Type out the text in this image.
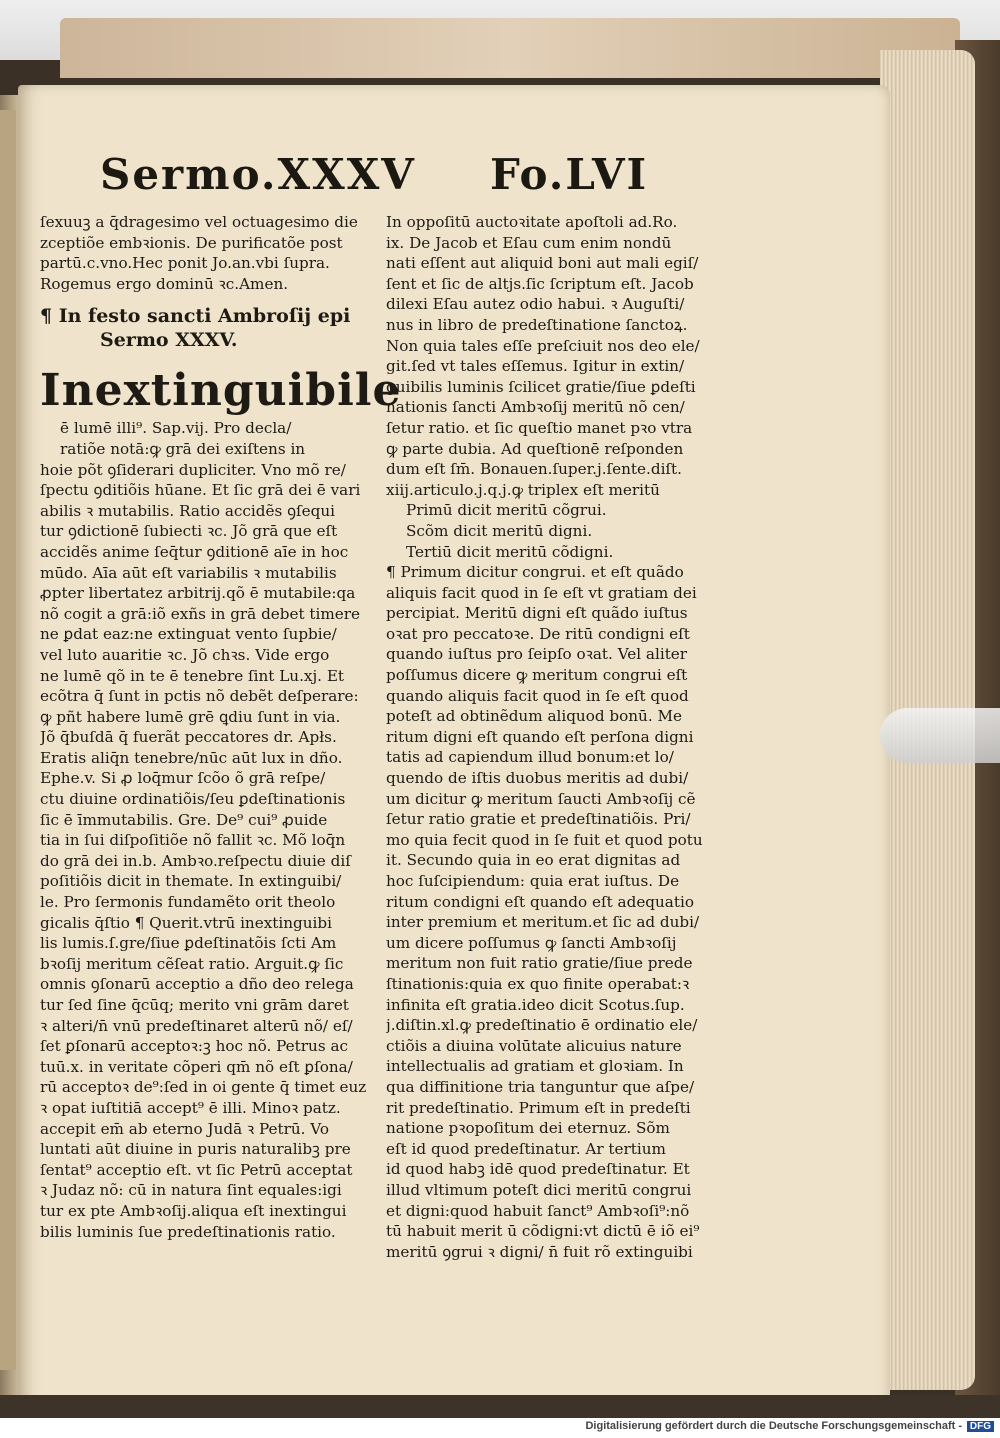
Sermo.XXXV Fo.LVI
ſexuuꝫ a q̄dragesimo vel octuagesimo die
zceptiõe embꝛionis. De purificatõe post
partū.c.vno.Hec ponit Jo.an.vbi ſupra.
Rogemus ergo dominū ꝛc.Amen.
¶ In festo sancti Ambroſij epi
Sermo XXXV.
Inextinguibile
ē lumē illi⁹. Sap.vij. Pro decla/
ratiõe notā:ꝙ grā dei exiſtens in
hoie põt ꝯſiderari dupliciter. Vno mõ re/
ſpectu ꝯditiõis hūane. Et ſic grā dei ē vari
abilis ꝛ mutabilis. Ratio accidẽs ꝯſequi
tur ꝯdictionē ſubiecti ꝛc. Jõ grā que eſt
accidẽs anime ſeq̄tur ꝯditionē aīe in hoc
mūdo. Aīa aūt eſt variabilis ꝛ mutabilis
ꝓpter libertatez arbitrij.qõ ē mutabile:qa
nõ cogit a grā:iõ exñs in grā debet timere
ne ꝑdat eaz:ne extinguat vento ſupbie/
vel luto auaritie ꝛc. Jõ chꝛs. Vide ergo
ne lumē qõ in te ē tenebre ſint Lu.xj. Et
ecõtra q̄ ſunt in pctis nõ debẽt deſperare:
ꝙ pñt habere lumē grē ꝗdiu ſunt in via.
Jõ q̄buſdā q̄ fuerãt peccatores dr. Apłs.
Eratis aliq̄n tenebre/nūc aūt lux in dño.
Ephe.v. Si ꝓ loq̄mur ſcõo õ grā reſpe/
ctu diuine ordinatiõis/ſeu ꝑdeſtinationis
ſic ē īmmutabilis. Gre. De⁹ cui⁹ ꝓuide
tia in ſui diſpoſitiõe nõ fallit ꝛc. Mõ loq̄n
do grā dei in.b. Ambꝛo.reſpectu diuie diſ
poſitiõis dicit in themate. In extinguibi/
le. Pro ſermonis fundamẽto orit theolo
gicalis q̄ſtio ¶ Querit.vtrū inextinguibi
lis lumis.ſ.gre/ſiue ꝑdeſtinatõis ſcti Am
bꝛoſij meritum cẽſeat ratio. Arguit.ꝙ ſic
omnis ꝯſonarū acceptio a dño deo relega
tur ſed ſine q̄cūq; merito vni grām daret
ꝛ alteri/n̄ vnū predeſtinaret alterū nõ/ eſ/
ſet ꝑſonarū acceptoꝛ:ꝫ hoc nõ. Petrus ac
tuū.x. in veritate cõperi qm̄ nõ eſt ꝑſona/
rū acceptoꝛ de⁹:ſed in oi gente q̄ timet euz
ꝛ opat iuſtitiā accept⁹ ē illi. Minoꝛ patz.
accepit em̄ ab eterno Judā ꝛ Petrū. Vo
luntati aūt diuine in puris naturalibꝫ pre
ſentat⁹ acceptio eſt. vt ſic Petrū acceptat
ꝛ Judaz nõ: cū in natura ſint equales:igi
tur ex pte Ambꝛoſij.aliqua eſt inextingui
bilis luminis ſue predeſtinationis ratio.
In oppoſitū auctoꝛitate apoſtoli ad.Ro.
ix. De Jacob et Eſau cum enim nondū
nati eſſent aut aliquid boni aut mali egiſ/
ſent et ſic de altjs.ſic ſcriptum eſt. Jacob
dilexi Eſau autez odio habui. ꝛ Auguſti/
nus in libro de predeſtinatione ſanctoꝝ.
Non quia tales eſſe preſciuit nos deo ele/
git.ſed vt tales eſſemus. Igitur in extin/
guibilis luminis ſcilicet gratie/ſiue ꝑdeſti
nationis ſancti Ambꝛoſij meritū nõ cen/
ſetur ratio. et ſic queſtio manet pꝛo vtra
ꝙ parte dubia. Ad queſtionē reſponden
dum eſt ſm̄. Bonauen.ſuper.j.ſente.diſt.
xiij.articulo.j.q.j.ꝙ triplex eſt meritū
Primū dicit meritū cõgrui.
Scõm dicit meritū digni.
Tertiū dicit meritū cõdigni.
¶ Primum dicitur congrui. et eſt quãdo
aliquis facit quod in ſe eſt vt gratiam dei
percipiat. Meritū digni eſt quãdo iuſtus
oꝛat pro peccatoꝛe. De ritū condigni eſt
quando iuſtus pro ſeipſo oꝛat. Vel aliter
poſſumus dicere ꝙ meritum congrui eſt
quando aliquis facit quod in ſe eſt quod
poteſt ad obtinẽdum aliquod bonū. Me
ritum digni eſt quando eſt perſona digni
tatis ad capiendum illud bonum:et lo/
quendo de iſtis duobus meritis ad dubi/
um dicitur ꝙ meritum ſaucti Ambꝛoſij cẽ
ſetur ratio gratie et predeſtinatiõis. Pri/
mo quia fecit quod in ſe fuit et quod potu
it. Secundo quia in eo erat dignitas ad
hoc ſuſcipiendum: quia erat iuſtus. De
ritum condigni eſt quando eſt adequatio
inter premium et meritum.et ſic ad dubi/
um dicere poſſumus ꝙ ſancti Ambꝛoſij
meritum non fuit ratio gratie/ſiue prede
ſtinationis:quia ex quo finite operabat:ꝛ
infinita eſt gratia.ideo dicit Scotus.ſup.
j.diſtin.xl.ꝙ predeſtinatio ē ordinatio ele/
ctiõis a diuina volūtate alicuius nature
intellectualis ad gratiam et gloꝛiam. In
qua diffinitione tria tanguntur que aſpe/
rit predeſtinatio. Primum eſt in predeſti
natione pꝛopoſitum dei eternuz. Sõm
eſt id quod predeſtinatur. Ar tertium
id quod habꝫ idē quod predeſtinatur. Et
illud vltimum poteſt dici meritū congrui
et digni:quod habuit ſanct⁹ Ambꝛoſi⁹:nõ
tū habuit merit ū cõdigni:vt dictū ē iõ ei⁹
meritū ꝯgrui ꝛ digni/ n̄ fuit rõ extinguibi
Digitalisierung gefördert durch die Deutsche Forschungsgemeinschaft - DFG
